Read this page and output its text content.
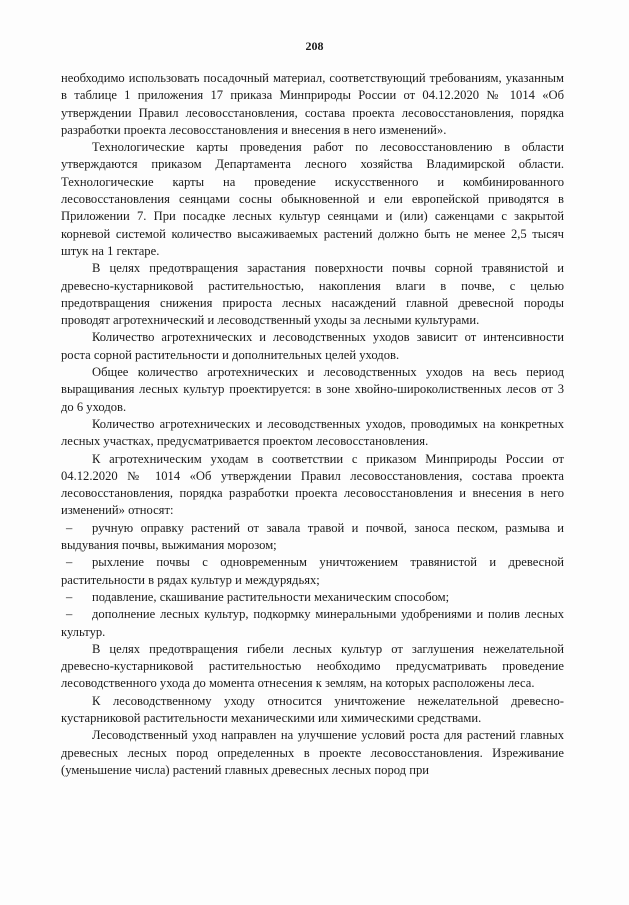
208

необходимо использовать посадочный материал, соответствующий требованиям, указанным в таблице 1 приложения 17 приказа Минприроды России от 04.12.2020 № 1014 «Об утверждении Правил лесовосстановления, состава проекта лесовосстановления, порядка разработки проекта лесовосстановления и внесения в него изменений».

Технологические карты проведения работ по лесовосстановлению в области утверждаются приказом Департамента лесного хозяйства Владимирской области. Технологические карты на проведение искусственного и комбинированного лесовосстановления сеянцами сосны обыкновенной и ели европейской приводятся в Приложении 7. При посадке лесных культур сеянцами и (или) саженцами с закрытой корневой системой количество высаживаемых растений должно быть не менее 2,5 тысяч штук на 1 гектаре.

В целях предотвращения зарастания поверхности почвы сорной травянистой и древесно-кустарниковой растительностью, накопления влаги в почве, с целью предотвращения снижения прироста лесных насаждений главной древесной породы проводят агротехнический и лесоводственный уходы за лесными культурами.

Количество агротехнических и лесоводственных уходов зависит от интенсивности роста сорной растительности и дополнительных целей уходов.

Общее количество агротехнических и лесоводственных уходов на весь период выращивания лесных культур проектируется: в зоне хвойно-широколиственных лесов от 3 до 6 уходов.

Количество агротехнических и лесоводственных уходов, проводимых на конкретных лесных участках, предусматривается проектом лесовосстановления.

К агротехническим уходам в соответствии с приказом Минприроды России от 04.12.2020 № 1014 «Об утверждении Правил лесовосстановления, состава проекта лесовосстановления, порядка разработки проекта лесовосстановления и внесения в него изменений» относят:

– ручную оправку растений от завала травой и почвой, заноса песком, размыва и выдувания почвы, выжимания морозом;

– рыхление почвы с одновременным уничтожением травянистой и древесной растительности в рядах культур и междурядьях;

– подавление, скашивание растительности механическим способом;

– дополнение лесных культур, подкормку минеральными удобрениями и полив лесных культур.

В целях предотвращения гибели лесных культур от заглушения нежелательной древесно-кустарниковой растительностью необходимо предусматривать проведение лесоводственного ухода до момента отнесения к землям, на которых расположены леса.

К лесоводственному уходу относится уничтожение нежелательной древесно-кустарниковой растительности механическими или химическими средствами.

Лесоводственный уход направлен на улучшение условий роста для растений главных древесных лесных пород определенных в проекте лесовосстановления. Изреживание (уменьшение числа) растений главных древесных лесных пород при
